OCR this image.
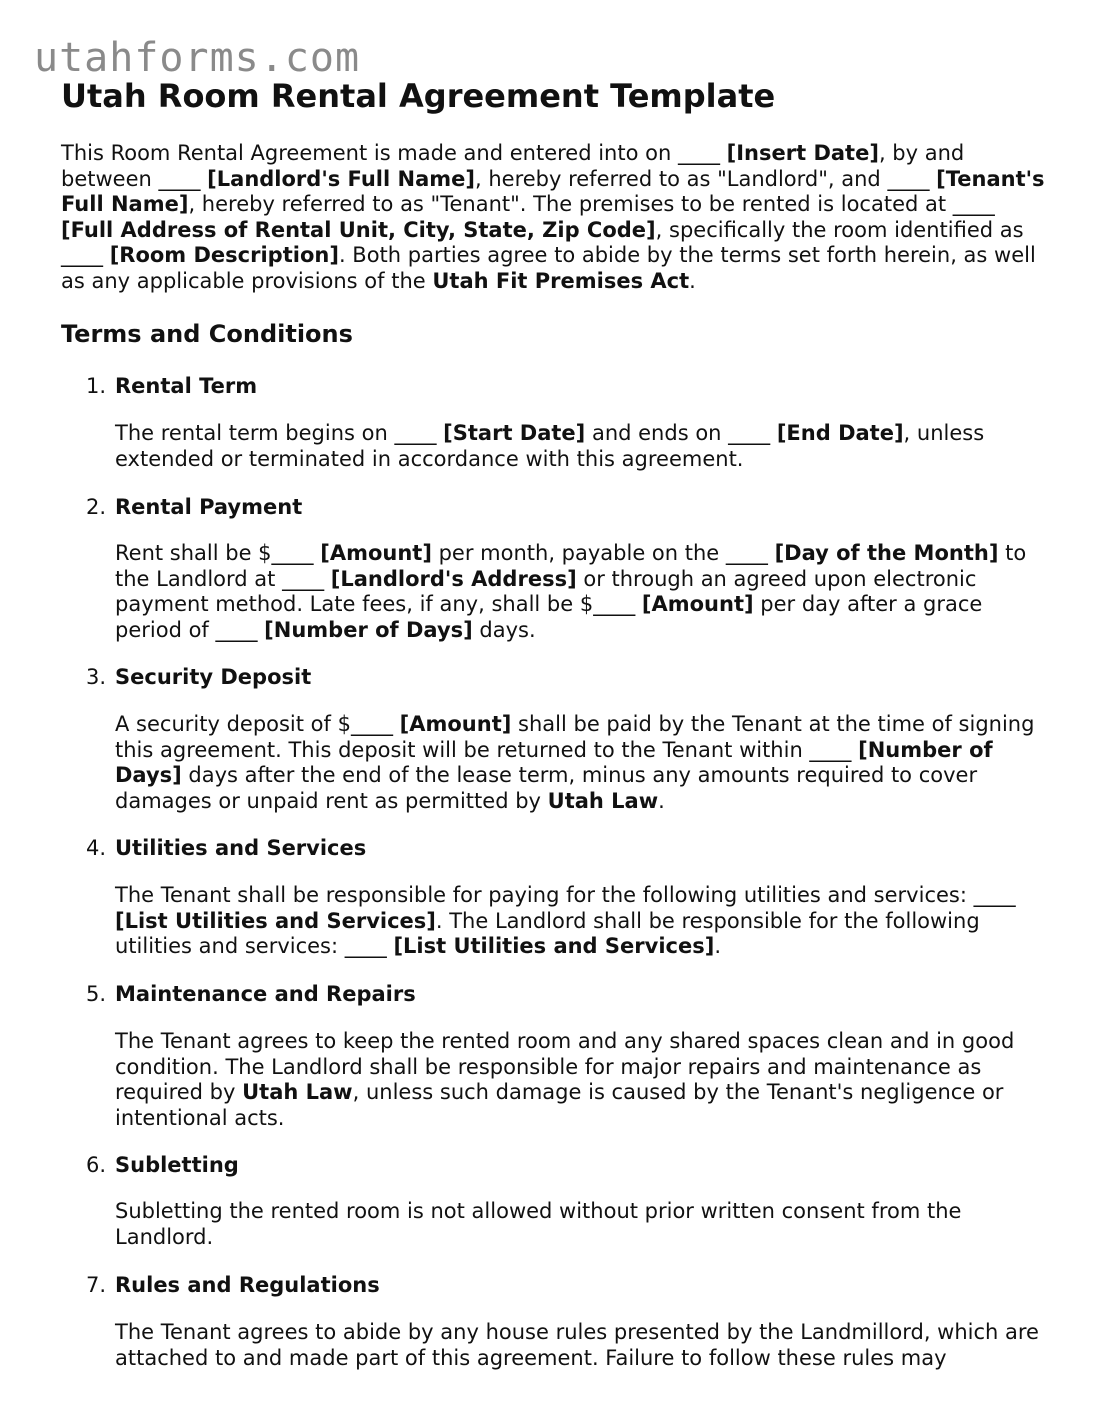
utahforms.com
Utah Room Rental Agreement Template

This Room Rental Agreement is made and entered into on ____ [Insert Date], by and between ____ [Landlord's Full Name], hereby referred to as "Landlord", and ____ [Tenant's Full Name], hereby referred to as "Tenant". The premises to be rented is located at ____ [Full Address of Rental Unit, City, State, Zip Code], specifically the room identified as ____ [Room Description]. Both parties agree to abide by the terms set forth herein, as well as any applicable provisions of the Utah Fit Premises Act.

Terms and Conditions
1. Rental Term

The rental term begins on ____ [Start Date] and ends on ____ [End Date], unless extended or terminated in accordance with this agreement.

2. Rental Payment

Rent shall be $____ [Amount] per month, payable on the ____ [Day of the Month] to the Landlord at ____ [Landlord's Address] or through an agreed upon electronic payment method. Late fees, if any, shall be $____ [Amount] per day after a grace period of ____ [Number of Days] days.

3. Security Deposit

A security deposit of $____ [Amount] shall be paid by the Tenant at the time of signing this agreement. This deposit will be returned to the Tenant within ____ [Number of Days] days after the end of the lease term, minus any amounts required to cover damages or unpaid rent as permitted by Utah Law.

4. Utilities and Services

The Tenant shall be responsible for paying for the following utilities and services: ____ [List Utilities and Services]. The Landlord shall be responsible for the following utilities and services: ____ [List Utilities and Services].

5. Maintenance and Repairs

The Tenant agrees to keep the rented room and any shared spaces clean and in good condition. The Landlord shall be responsible for major repairs and maintenance as required by Utah Law, unless such damage is caused by the Tenant's negligence or intentional acts.

6. Subletting

Subletting the rented room is not allowed without prior written consent from the Landlord.

7. Rules and Regulations

The Tenant agrees to abide by any house rules presented by the Landmillord, which are attached to and made part of this agreement. Failure to follow these rules may
